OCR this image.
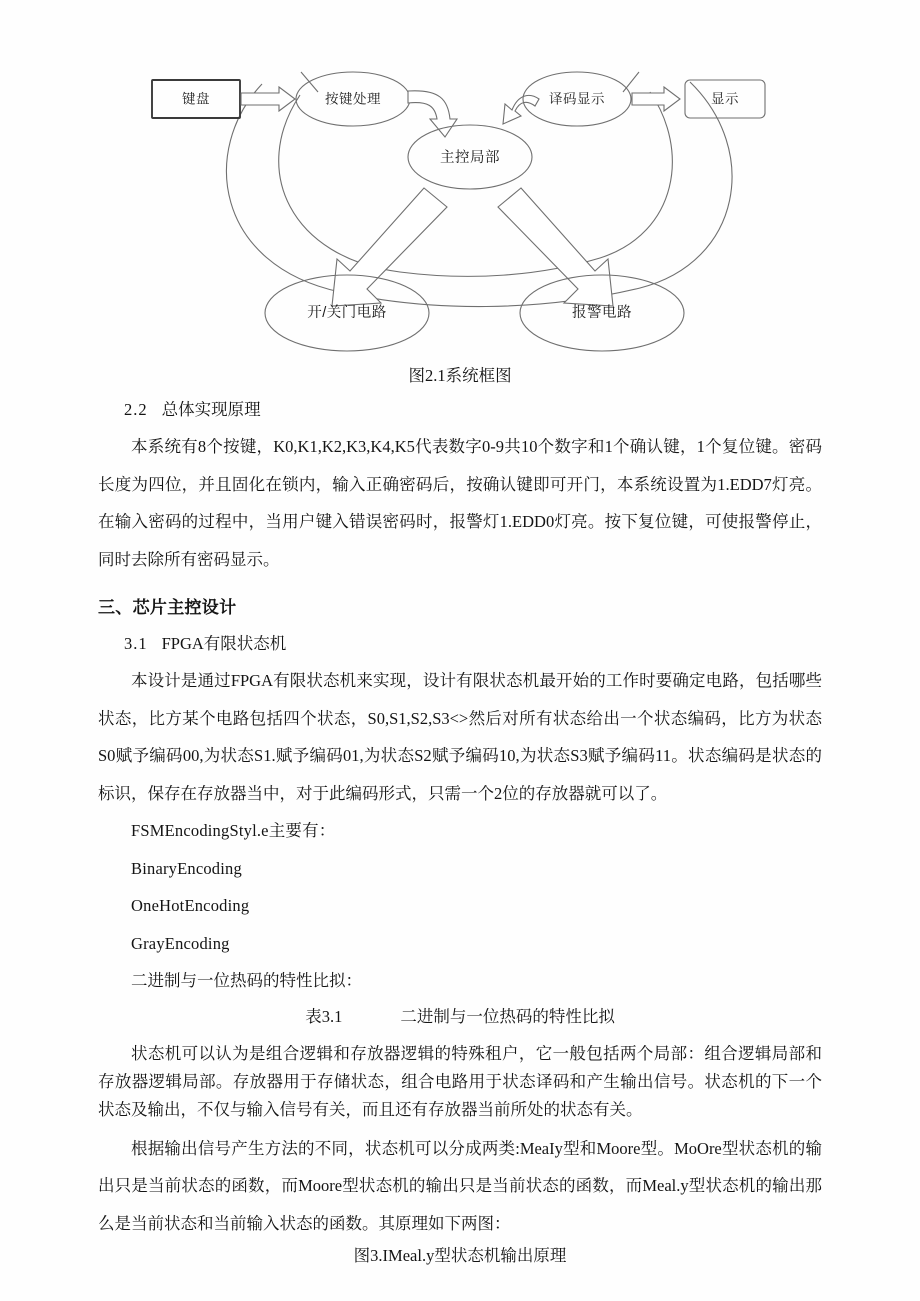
键盘	按键处理
主控局部
译码显示	显示
开/关门电路	报警电路

图2.1系统框图

2.2 总体实现原理

本系统有8个按键，K0,K1,K2,K3,K4,K5代表数字0-9共10个数字和1个确认键，1个复位键。密码长度为四位，并且固化在锁内，输入正确密码后，按确认键即可开门，本系统设置为1.EDD7灯亮。在输入密码的过程中，当用户键入错误密码时，报警灯1.EDD0灯亮。按下复位键，可使报警停止，同时去除所有密码显示。

三、芯片主控设计
3.1 FPGA有限状态机

本设计是通过FPGA有限状态机来实现，设计有限状态机最开始的工作时要确定电路，包括哪些状态，比方某个电路包括四个状态，S0,S1,S2,S3<>然后对所有状态给出一个状态编码，比方为状态S0赋予编码00,为状态S1.赋予编码01,为状态S2赋予编码10,为状态S3赋予编码11。状态编码是状态的标识，保存在存放器当中，对于此编码形式，只需一个2位的存放器就可以了。

FSMEncodingStyl.e主要有：

BinaryEncoding

OneHotEncoding

GrayEncoding

二进制与一位热码的特性比拟：

表3.1	二进制与一位热码的特性比拟

状态机可以认为是组合逻辑和存放器逻辑的特殊租户，它一般包括两个局部：组合逻辑局部和存放器逻辑局部。存放器用于存储状态，组合电路用于状态译码和产生输出信号。状态机的下一个状态及输出，不仅与输入信号有关，而且还有存放器当前所处的状态有关。

根据输出信号产生方法的不同，状态机可以分成两类:MeaIy型和Moore型。MoOre型状态机的输出只是当前状态的函数，而Moore型状态机的输出只是当前状态的函数，而Meal.y型状态机的输出那么是当前状态和当前输入状态的函数。其原理如下两图：

图3.IMeal.y型状态机输出原理
